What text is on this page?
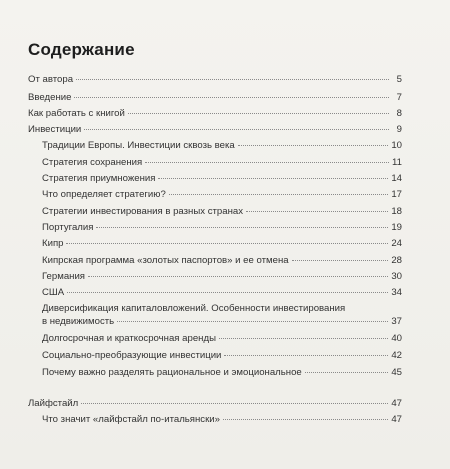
Содержание
От автора	5
Введение	7
Как работать с книгой	8
Инвестиции	9
Традиции Европы. Инвестиции сквозь века	10
Стратегия сохранения	11
Стратегия приумножения	14
Что определяет стратегию?	17
Стратегии инвестирования в разных странах	18
Португалия	19
Кипр	24
Кипрская программа «золотых паспортов» и ее отмена	28
Германия	30
США	34
Диверсификация капиталовложений. Особенности инвестирования
в недвижимость	37
Долгосрочная и краткосрочная аренды	40
Социально-преобразующие инвестиции	42
Почему важно разделять рациональное и эмоциональное	45
Лайфстайл	47
Что значит «лайфстайл по-итальянски»	47
